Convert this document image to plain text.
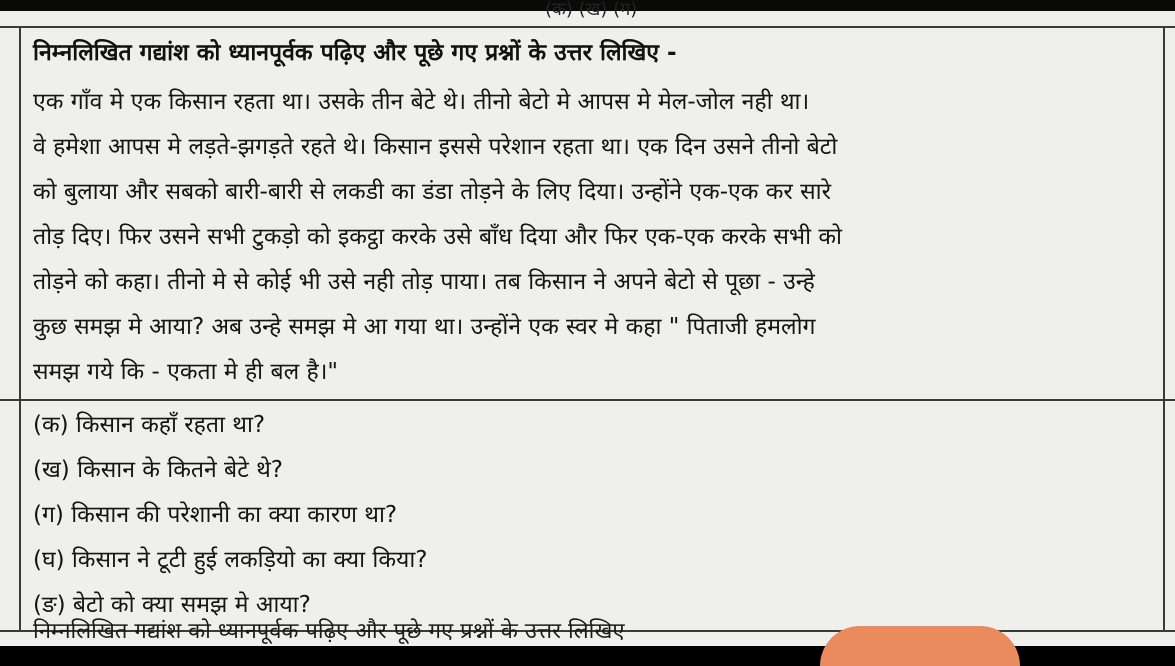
(क) (ख) (ग)
निम्नलिखित गद्यांश को ध्यानपूर्वक पढ़िए और पूछे गए प्रश्नों के उत्तर लिखिए -
एक गाँव मे एक किसान रहता था। उसके तीन बेटे थे। तीनो बेटो मे आपस मे मेल-जोल नही था।
वे हमेशा आपस मे लड़ते-झगड़ते रहते थे। किसान इससे परेशान रहता था। एक दिन उसने तीनो बेटो
को बुलाया और सबको बारी-बारी से लकडी का डंडा तोड़ने के लिए दिया। उन्होंने एक-एक कर सारे
तोड़ दिए। फिर उसने सभी टुकड़ो को इकट्ठा करके उसे बाँध दिया और फिर एक-एक करके सभी को
तोड़ने को कहा। तीनो मे से कोई भी उसे नही तोड़ पाया। तब किसान ने अपने बेटो से पूछा - उन्हे
कुछ समझ मे आया? अब उन्हे समझ मे आ गया था। उन्होंने एक स्वर मे कहा " पिताजी हमलोग
समझ गये कि - एकता मे ही बल है।"
(क) किसान कहाँ रहता था?
(ख) किसान के कितने बेटे थे?
(ग) किसान की परेशानी का क्या कारण था?
(घ) किसान ने टूटी हुई लकड़ियो का क्या किया?
(ङ) बेटो को क्या समझ मे आया?
निम्नलिखित गद्यांश को ध्यानपूर्वक पढ़िए और पूछे गए प्रश्नों के उत्तर लिखिए
